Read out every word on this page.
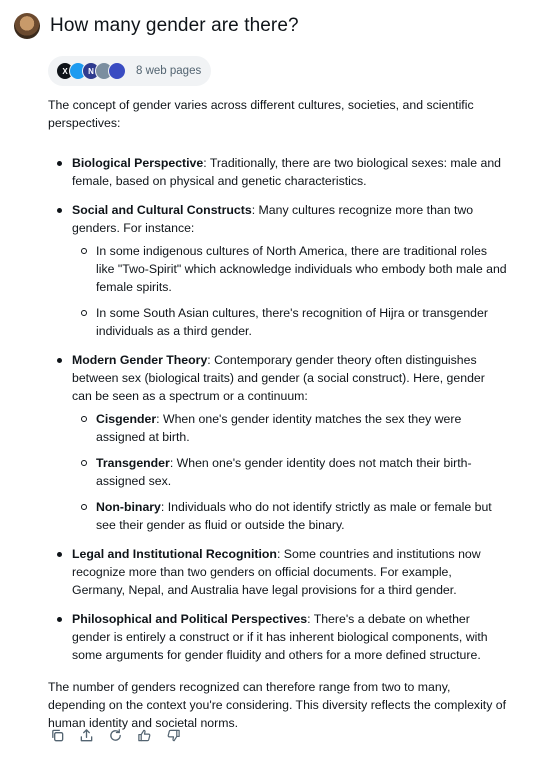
How many gender are there?
X	N	8 web pages

The concept of gender varies across different cultures, societies, and scientific perspectives:

Biological Perspective: Traditionally, there are two biological sexes: male and female, based on physical and genetic characteristics.
Social and Cultural Constructs: Many cultures recognize more than two genders. For instance:
In some indigenous cultures of North America, there are traditional roles like "Two-Spirit" which acknowledge individuals who embody both male and female spirits.
In some South Asian cultures, there's recognition of Hijra or transgender individuals as a third gender.
Modern Gender Theory: Contemporary gender theory often distinguishes between sex (biological traits) and gender (a social construct). Here, gender can be seen as a spectrum or a continuum:
Cisgender: When one's gender identity matches the sex they were assigned at birth.
Transgender: When one's gender identity does not match their birth-assigned sex.
Non-binary: Individuals who do not identify strictly as male or female but see their gender as fluid or outside the binary.
Legal and Institutional Recognition: Some countries and institutions now recognize more than two genders on official documents. For example, Germany, Nepal, and Australia have legal provisions for a third gender.
Philosophical and Political Perspectives: There's a debate on whether gender is entirely a construct or if it has inherent biological components, with some arguments for gender fluidity and others for a more defined structure.

The number of genders recognized can therefore range from two to many, depending on the context you're considering. This diversity reflects the complexity of human identity and societal norms.
